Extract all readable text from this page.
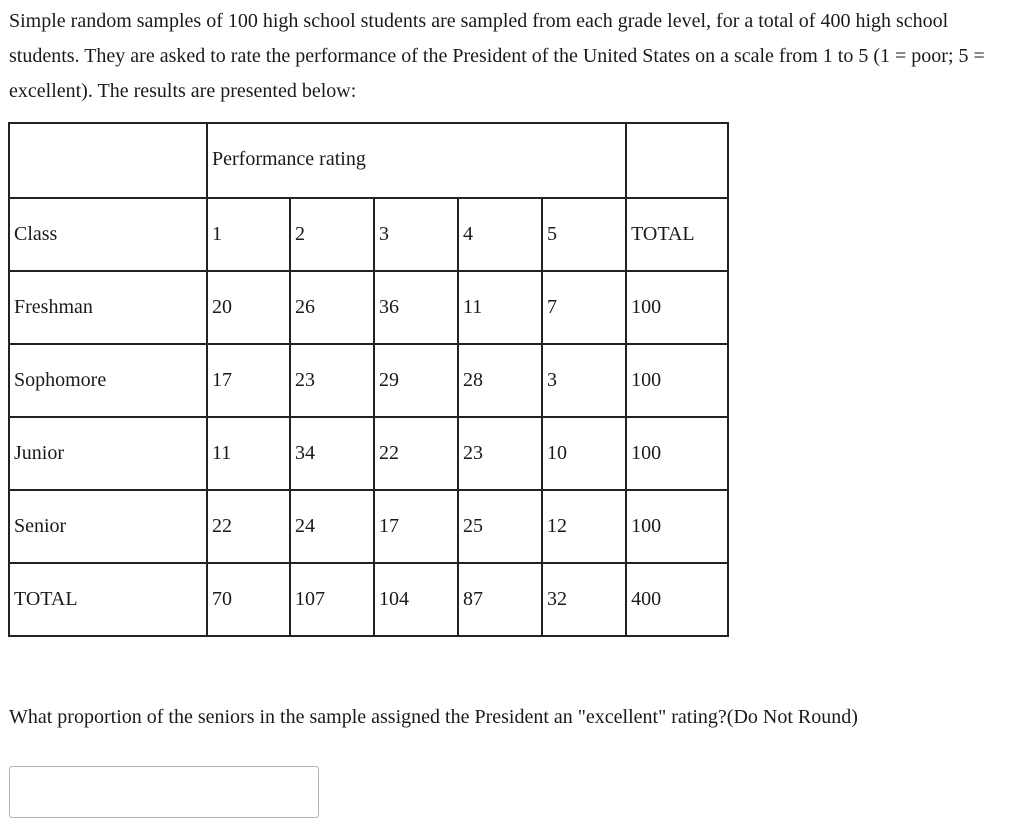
Simple random samples of 100 high school students are sampled from each grade level, for a total of 400 high school students. They are asked to rate the performance of the President of the United States on a scale from 1 to 5 (1 = poor; 5 = excellent). The results are presented below:

	Performance rating					
Class	1	2	3	4	5	TOTAL
Freshman	20	26	36	11	7	100
Sophomore	17	23	29	28	3	100
Junior	11	34	22	23	10	100
Senior	22	24	17	25	12	100
TOTAL	70	107	104	87	32	400

What proportion of the seniors in the sample assigned the President an "excellent" rating?(Do Not Round)
